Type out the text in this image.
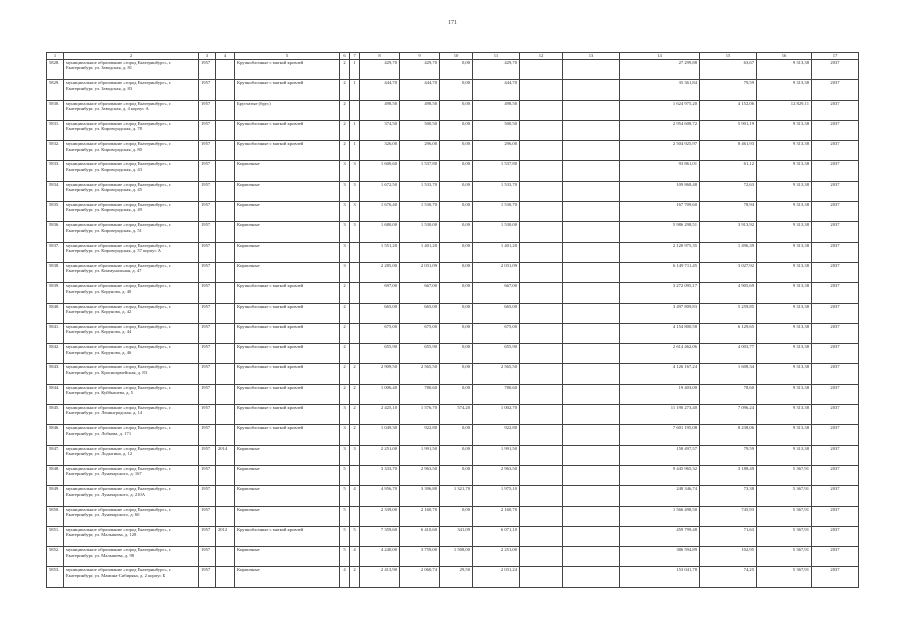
171
1	2	3	4	5	6	7	8	9	10	11	12	13	14	15	16	17
5828.	муниципальное образование «город Екатеринбург», г. Екатеринбург, ул. Заводская, д. 81	1957		Крупноблочные с мягкой кровлей	2	1	429,70	429,70	0,00	429,70			27 299,88	63,67	9 313,38	2037
5829.	муниципальное образование «город Екатеринбург», г. Екатеринбург, ул. Заводская, д. 83	1957		Крупноблочные с мягкой кровлей	2	1	444,70	444,70	0,00	444,70			35 361,84	79,59	9 313,38	2037
5830.	муниципальное образование «город Екатеринбург», г. Екатеринбург, ул. Заводская, д. 4 корпус А	1957		Брусчатые (брус)	2		498,50	498,50	0,00	498,50			1 624 975,20	4 152,06	12 829,11	2037
5831.	муниципальное образование «город Екатеринбург», г. Екатеринбург, ул. Кировградская, д. 78	1957		Крупноблочные с мягкой кровлей	2	1	374,50	500,50	0,00	500,50			2 954 608,72	5 901,19	9 313,38	2037
5832.	муниципальное образование «город Екатеринбург», г. Екатеринбург, ул. Кировградская, д. 80	1957		Крупноблочные с мягкой кровлей	2	1	326,00	296,00	0,00	296,00			2 504 925,97	8 461,93	9 313,38	2037
5833.	муниципальное образование «город Екатеринбург», г. Екатеринбург, ул. Кировградская, д. 43	1957		Кирпичные	3	3	1 600,60	1 537,80	0,00	1 537,80			93 861,01	61,12	9 313,38	2037
5834.	муниципальное образование «город Екатеринбург», г. Екатеринбург, ул. Кировградская, д. 45	1957		Кирпичные	3	3	1 672,50	1 533,70	0,00	1 533,70			109 868,48	72,63	9 313,38	2037
5835.	муниципальное образование «город Екатеринбург», г. Екатеринбург, ул. Кировградская, д. 49	1957		Кирпичные	3	3	1 676,40	1 530,70	0,00	1 530,70			167 709,60	78,94	9 313,38	2037
5836.	муниципальное образование «город Екатеринбург», г. Екатеринбург, ул. Кировградская, д. 51	1957		Кирпичные	3	3	1 680,00	1 530,00	0,00	1 530,00			5 986 298,51	3 913,92	9 313,38	2037
5837.	муниципальное образование «город Екатеринбург», г. Екатеринбург, ул. Кировградская, д. 57 корпус А	1957		Кирпичные	3		1 551,20	1 401,20	0,00	1 401,20			2 120 975,35	1 496,39	9 313,38	2037
5838.	муниципальное образование «город Екатеринбург», г. Екатеринбург, ул. Коммунальная, д. 47	1957		Кирпичные	3		2 285,00	2 031,09	0,00	2 031,09			6 149 711,45	3 027,92	9 313,38	2037
5839.	муниципальное образование «город Екатеринбург», г. Екатеринбург, ул. Корунова, д. 40	1957		Крупноблочные с мягкой кровлей	2		697,00	667,00	0,00	667,00			3 272 095,17	4 905,69	9 313,38	2037
5840.	муниципальное образование «город Екатеринбург», г. Екатеринбург, ул. Корунова, д. 42	1957		Крупноблочные с мягкой кровлей	2		665,00	665,00	0,00	665,00			3 497 809,83	5 259,85	9 313,38	2037
5841.	муниципальное образование «город Екатеринбург», г. Екатеринбург, ул. Корунова, д. 44	1957		Крупноблочные с мягкой кровлей	2		675,00	675,00	0,00	675,00			4 154 800,58	6 129,65	9 313,38	2037
5842.	муниципальное образование «город Екатеринбург», г. Екатеринбург, ул. Корунова, д. 46	1957		Крупноблочные с мягкой кровлей	2		655,90	655,90	0,00	655,90			2 614 462,06	4 003,77	9 313,38	2037
5843.	муниципальное образование «город Екатеринбург», г. Екатеринбург, ул. Красноармейская, д. 83	1957		Крупноблочные с мягкой кровлей	2	2	2 909,50	2 565,50	0,00	2 565,50			4 126 167,24	1 608,34	9 313,38	2037
5844.	муниципальное образование «город Екатеринбург», г. Екатеринбург, ул. Куйбышева, д. 5	1957		Крупноблочные с мягкой кровлей	2	2	1 006,40	780,60	0,00	780,60			19 403,00	78,60	9 313,38	2037
5845.	муниципальное образование «город Екатеринбург», г. Екатеринбург, ул. Ленинградская, д. 14	1957		Крупноблочные с мягкой кровлей	3	2	2 425,10	1 576,70	574,20	1 002,70			11 190 273,40	7 096,24	9 313,38	2037
5846.	муниципальное образование «город Екатеринбург», г. Екатеринбург, ул. Лобкова, д. 171	1957		Крупноблочные с мягкой кровлей	3	2	1 049,30	922,80	0,00	922,80			7 601 195,08	8 238,06	9 313,38	2037
5847.	муниципальное образование «город Екатеринбург», г. Екатеринбург, ул. Лодыгина, д. 12	1957	2014	Кирпичные	3	3	2 251,00	1 991,50	0,00	1 991,50			158 497,57	79,59	9 313,38	2037
5848.	муниципальное образование «город Екатеринбург», г. Екатеринбург, ул. Луначарского, д. 167	1957		Кирпичные	5		3 333,70	2 963,50	0,00	2 963,50			9 445 965,32	3 188,49	5 367,91	2037
5849.	муниципальное образование «город Екатеринбург», г. Екатеринбург, ул. Луначарского, д. 210А	1957		Кирпичные	5	4	4 956,70	3 396,80	1 321,70	1 975,10			248 346,74	73,38	5 367,91	2037
5850.	муниципальное образование «город Екатеринбург», г. Екатеринбург, ул. Луначарского, д. 60	1957		Кирпичные	5		2 339,00	2 160,70	0,00	2 160,70			1 566 498,50	745,93	5 367,91	2037
5851.	муниципальное образование «город Екатеринбург», г. Екатеринбург, ул. Малышева, д. 128	1957	2012	Крупноблочные с мягкой кровлей	5	5	7 359,60	6 410,60	341,09	6 071,10			459 799,48	71,63	5 367,91	2037
5852.	муниципальное образование «город Екатеринбург», г. Екатеринбург, ул. Малышева, д. 98	1957		Кирпичные	5	4	4 240,00	3 759,00	1 508,00	2 251,00			386 594,89	102,95	5 367,91	2037
5853.	муниципальное образование «город Екатеринбург», г. Екатеринбург, ул. Мамина-Сибиряка, д. 2 корпус Б	1957		Кирпичные	4	2	2 413,90	2 060,74	29,50	2 031,24			153 041,78	74,25	5 367,91	2037
